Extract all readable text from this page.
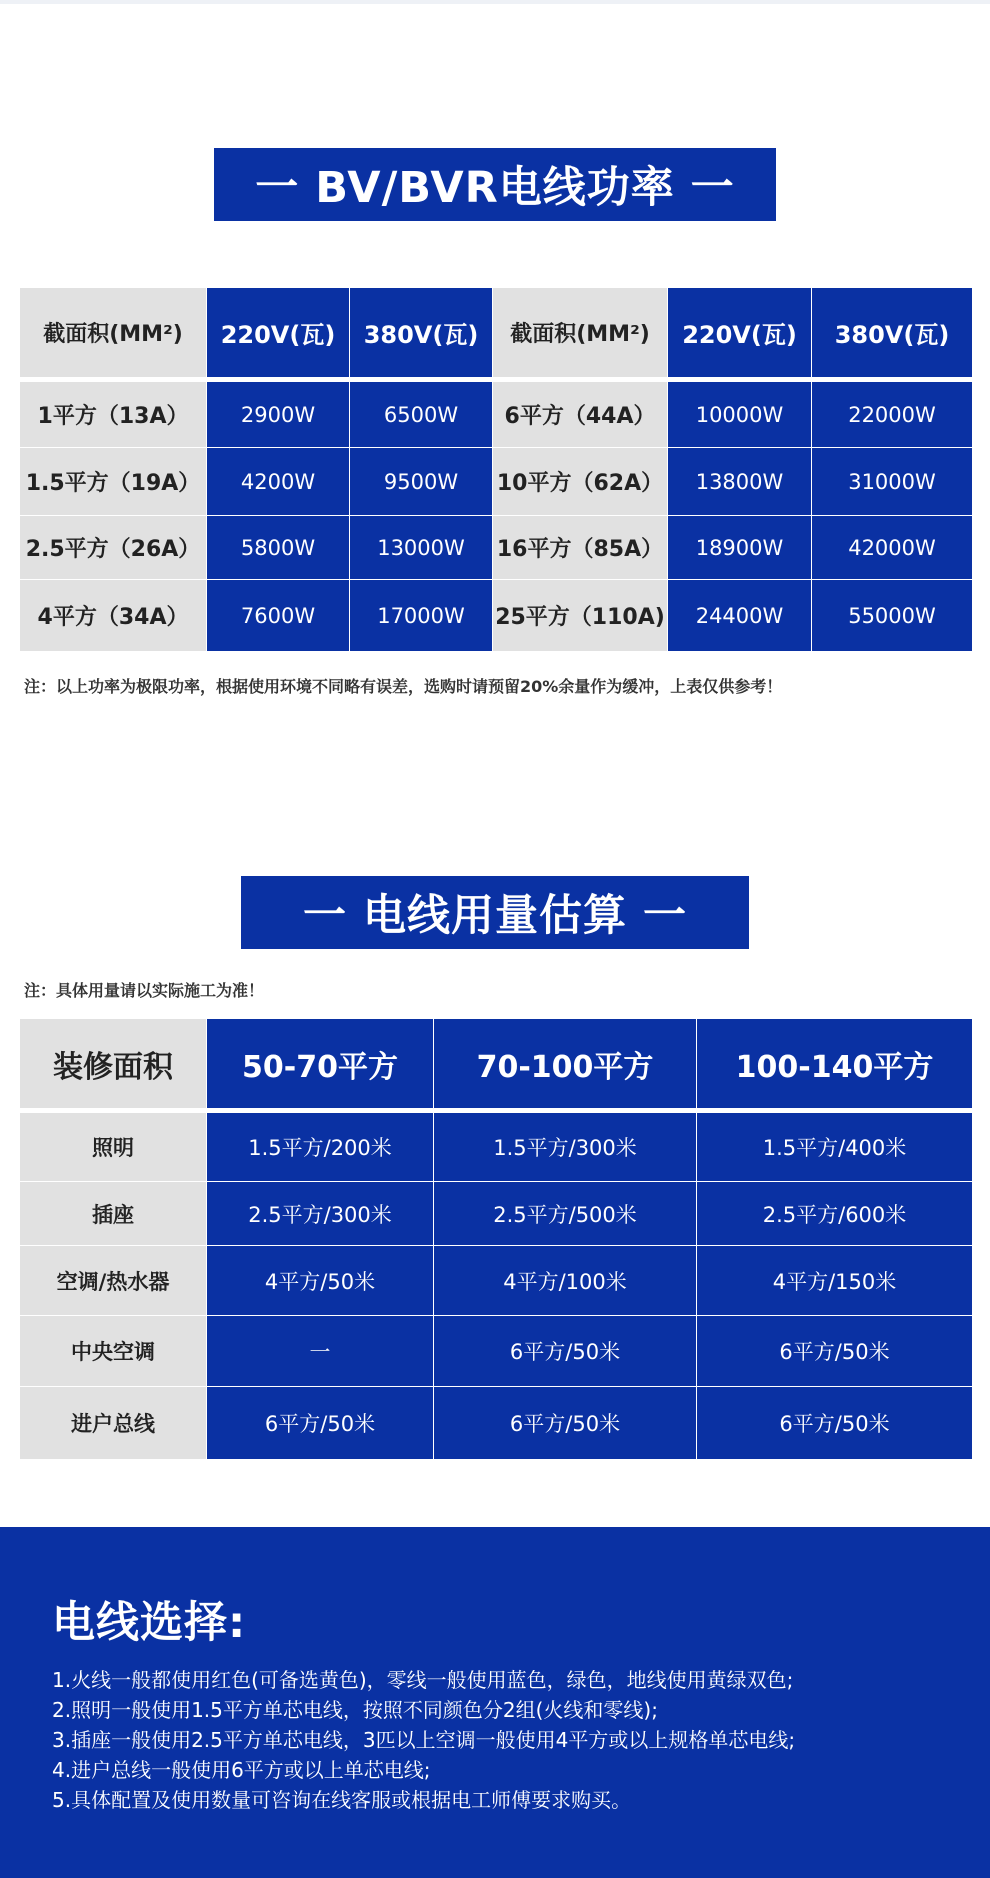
一 BV/BVR电线功率 一
截面积(MM²)	220V(瓦)	380V(瓦)	截面积(MM²)	220V(瓦)	380V(瓦)
1平方（13A）	2900W	6500W	6平方（44A）	10000W	22000W
1.5平方（19A）	4200W	9500W	10平方（62A）	13800W	31000W
2.5平方（26A）	5800W	13000W	16平方（85A）	18900W	42000W
4平方（34A）	7600W	17000W	25平方（110A)	24400W	55000W
注：以上功率为极限功率，根据使用环境不同略有误差，选购时请预留20%余量作为缓冲，上表仅供参考！
一 电线用量估算 一
注：具体用量请以实际施工为准！
装修面积	50-70平方	70-100平方	100-140平方
照明	1.5平方/200米	1.5平方/300米	1.5平方/400米
插座	2.5平方/300米	2.5平方/500米	2.5平方/600米
空调/热水器	4平方/50米	4平方/100米	4平方/150米
中央空调	一	6平方/50米	6平方/50米
进户总线	6平方/50米	6平方/50米	6平方/50米
电线选择:
1.火线一般都使用红色(可备选黄色)，零线一般使用蓝色，绿色，地线使用黄绿双色;
2.照明一般使用1.5平方单芯电线，按照不同颜色分2组(火线和零线);
3.插座一般使用2.5平方单芯电线，3匹以上空调一般使用4平方或以上规格单芯电线;
4.进户总线一般使用6平方或以上单芯电线;
5.具体配置及使用数量可咨询在线客服或根据电工师傅要求购买。
